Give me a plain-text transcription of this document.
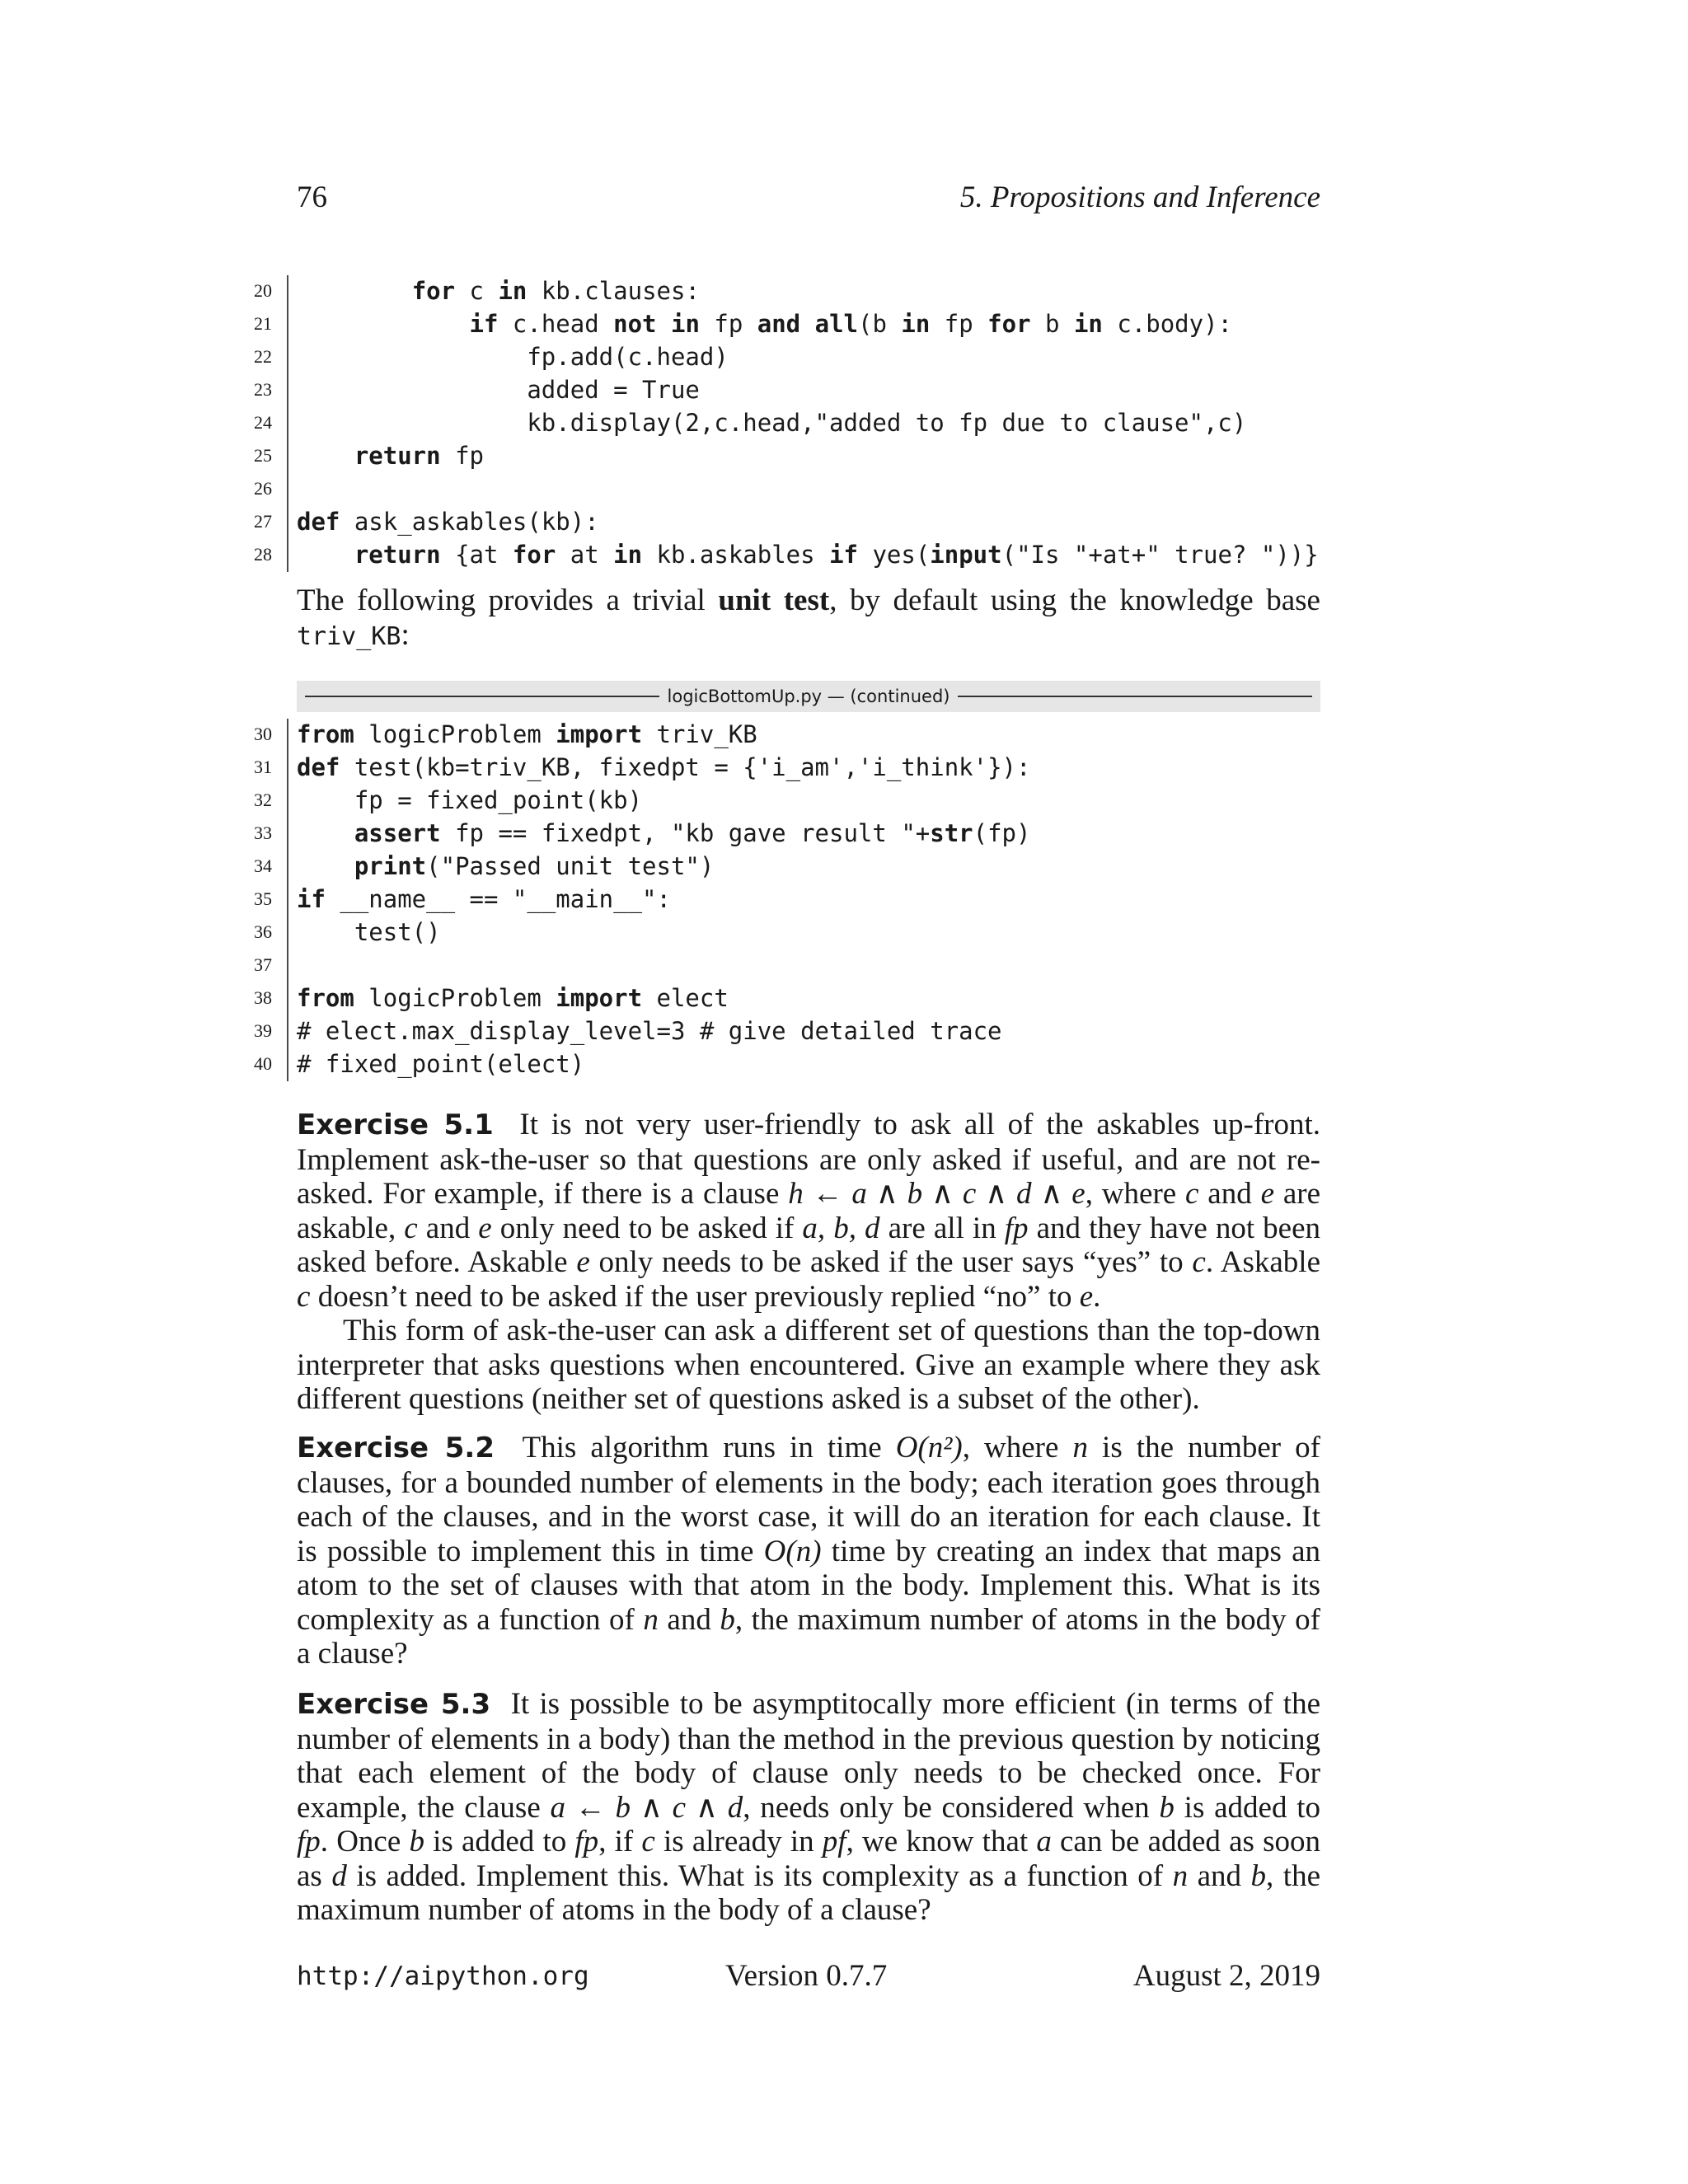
76	5. Propositions and Inference
20	for c in kb.clauses:
21	if c.head not in fp and all(b in fp for b in c.body):
22 fp.add(c.head)
23 added = True
24 kb.display(2,c.head,"added to fp due to clause",c)
25	return fp
26
27 def ask_askables(kb):
28	return {at for at in kb.askables if yes(input("Is "+at+" true? "))}
The following provides a trivial unit test, by default using the knowledge base triv_KB:
logicBottomUp.py — (continued)
30 from logicProblem import triv_KB
31 def test(kb=triv_KB, fixedpt = {'i_am','i_think'}):
32 fp = fixed_point(kb)
33	assert fp == fixedpt, "kb gave result "+str(fp)
34	print("Passed unit test")
35 if __name__ == "__main__":
36 test()
37
38 from logicProblem import elect
39 # elect.max_display_level=3 # give detailed trace
40 # fixed_point(elect)
Exercise 5.1 It is not very user-friendly to ask all of the askables up-front. Implement ask-the-user so that questions are only asked if useful, and are not re-asked. For example, if there is a clause h ← a ∧ b ∧ c ∧ d ∧ e, where c and e are askable, c and e only need to be asked if a, b, d are all in fp and they have not been asked before. Askable e only needs to be asked if the user says “yes” to c. Askable c doesn’t need to be asked if the user previously replied “no” to e.
This form of ask-the-user can ask a different set of questions than the top-down interpreter that asks questions when encountered. Give an example where they ask different questions (neither set of questions asked is a subset of the other).
Exercise 5.2 This algorithm runs in time O(n²), where n is the number of clauses, for a bounded number of elements in the body; each iteration goes through each of the clauses, and in the worst case, it will do an iteration for each clause. It is possible to implement this in time O(n) time by creating an index that maps an atom to the set of clauses with that atom in the body. Implement this. What is its complexity as a function of n and b, the maximum number of atoms in the body of a clause?
Exercise 5.3 It is possible to be asymptitocally more efficient (in terms of the number of elements in a body) than the method in the previous question by noticing that each element of the body of clause only needs to be checked once. For example, the clause a ← b ∧ c ∧ d, needs only be considered when b is added to fp. Once b is added to fp, if c is already in pf, we know that a can be added as soon as d is added. Implement this. What is its complexity as a function of n and b, the maximum number of atoms in the body of a clause?
http://aipython.org	Version 0.7.7	August 2, 2019
